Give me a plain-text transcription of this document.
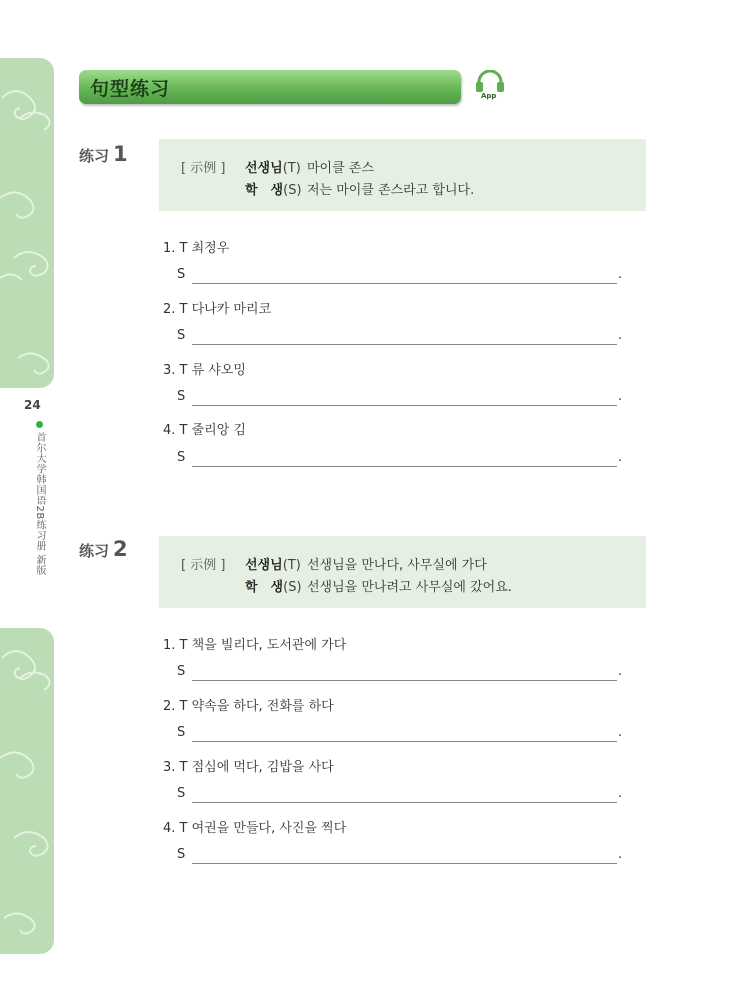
24
首尔大学韩国语2B练习册 新版
句型练习	App
练习 1
[ 示例 ] 선생님(T) 마이클 존스
학　생(S) 저는 마이클 존스라고 합니다.
1. T 최정우
S	.
2. T 다나카 마리코
S	.
3. T 류 샤오밍
S	.
4. T 줄리앙 김
S	.
练习 2
[ 示例 ] 선생님(T) 선생님을 만나다, 사무실에 가다
학　생(S) 선생님을 만나려고 사무실에 갔어요.
1. T 책을 빌리다, 도서관에 가다
S	.
2. T 약속을 하다, 전화를 하다
S	.
3. T 점심에 먹다, 김밥을 사다
S	.
4. T 여권을 만들다, 사진을 찍다
S	.
